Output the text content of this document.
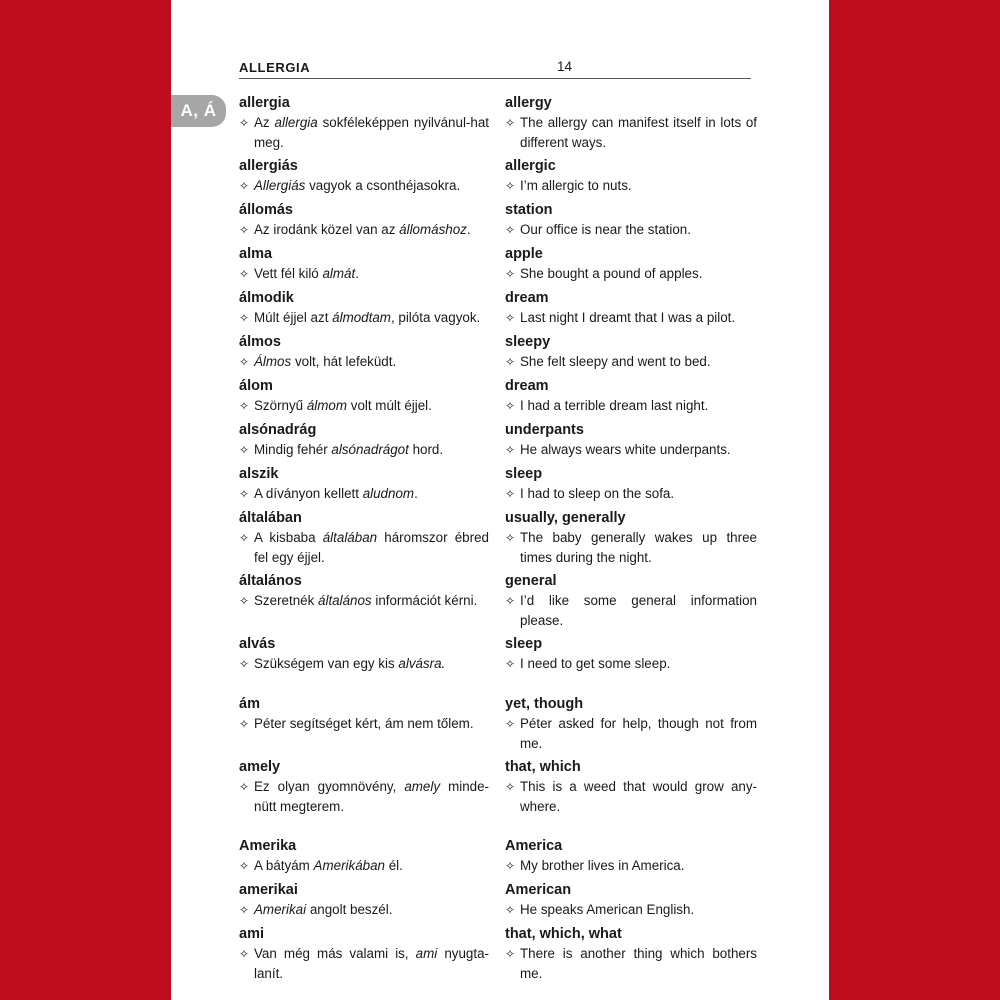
ALLERGIA	14
A, Á	allergia
✧ Az allergia sokféleképpen nyilvánul-hat meg.
allergiás
✧ Allergiás vagyok a csonthéjasokra.
állomás
✧ Az irodánk közel van az állomáshoz.
alma
✧ Vett fél kiló almát.
álmodik
✧ Múlt éjjel azt álmodtam, pilóta vagyok.
álmos
✧ Álmos volt, hát lefeküdt.
álom
✧ Szörnyű álmom volt múlt éjjel.
alsónadrág
✧ Mindig fehér alsónadrágot hord.
alszik
✧ A díványon kellett aludnom.
általában
✧ A kisbaba általában háromszor ébred fel egy éjjel.
általános
✧ Szeretnék általános információt kérni.
alvás
✧ Szükségem van egy kis alvásra.
ám
✧ Péter segítséget kért, ám nem tőlem.
amely
✧ Ez olyan gyomnövény, amely minde-nütt megterem.
Amerika
✧ A bátyám Amerikában él.
amerikai
✧ Amerikai angolt beszél.
ami
✧ Van még más valami is, ami nyugta-lanít.
allergy
✧ The allergy can manifest itself in lots of different ways.
allergic
✧ I’m allergic to nuts.
station
✧ Our office is near the station.
apple
✧ She bought a pound of apples.
dream
✧ Last night I dreamt that I was a pilot.
sleepy
✧ She felt sleepy and went to bed.
dream
✧ I had a terrible dream last night.
underpants
✧ He always wears white underpants.
sleep
✧ I had to sleep on the sofa.
usually, generally
✧ The baby generally wakes up three times during the night.
general
✧ I’d like some general information please.
sleep
✧ I need to get some sleep.
yet, though
✧ Péter asked for help, though not from me.
that, which
✧ This is a weed that would grow any-where.
America
✧ My brother lives in America.
American
✧ He speaks American English.
that, which, what
✧ There is another thing which bothers me.
